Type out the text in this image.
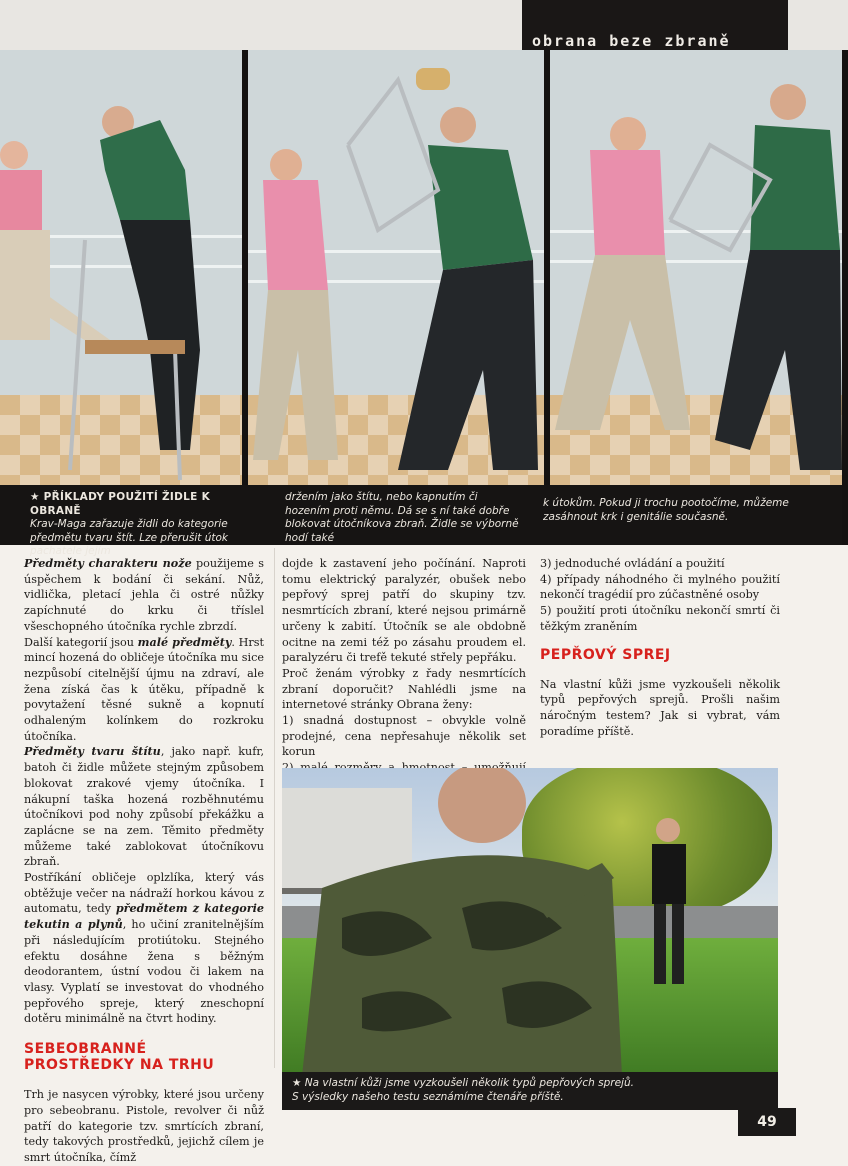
obrana beze zbraně
★ PŘÍKLADY POUŽITÍ ŽIDLE K OBRANĚ
Krav-Maga zařazuje židli do kategorie předmětu tvaru štít. Lze přerušit útok pachatele jejím
držením jako štítu, nebo kapnutím či hozením proti němu. Dá se s ní také dobře blokovat útočníkova zbraň. Židle se výborně hodí také
k útokům. Pokud ji trochu pootočíme, můžeme zasáhnout krk i genitálie současně.

Předměty charakteru nože použijeme s úspěchem k bodání či sekání. Nůž, vidlička, pletací jehla či ostré nůžky zapíchnuté do krku či tříslel všeschopného útočníka rychle zbrzdí.

Další kategorií jsou malé předměty. Hrst mincí hozená do obličeje útočníka mu sice nezpůsobí citelnější újmu na zdraví, ale žena získá čas k útěku, případně k povytažení těsné sukně a kopnutí odhaleným kolínkem do rozkroku útočníka.

Předměty tvaru štítu, jako např. kufr, batoh či židle můžete stejným způsobem blokovat zrakové vjemy útočníka. I nákupní taška hozená rozběhnutému útočníkovi pod nohy způsobí překážku a zaplácne se na zem. Těmito předměty můžeme také zablokovat útočníkovu zbraň.

Postříkání obličeje oplzlíka, který vás obtěžuje večer na nádraží horkou kávou z automatu, tedy předmětem z kategorie tekutin a plynů, ho učiní zranitelnějším při následujícím protiútoku. Stejného efektu dosáhne žena s běžným deodorantem, ústní vodou či lakem na vlasy. Vyplatí se investovat do vhodného pepřového spreje, který zneschopní dotěru minimálně na čtvrt hodiny.

SEBEOBRANNÉ PROSTŘEDKY NA TRHU

Trh je nasycen výrobky, které jsou určeny pro sebeobranu. Pistole, revolver či nůž patří do kategorie tzv. smrtících zbraní, tedy takových prostředků, jejichž cílem je smrt útočníka, čímž

dojde k zastavení jeho počínání. Naproti tomu elektrický paralyzér, obušek nebo pepřový sprej patří do skupiny tzv. nesmrtících zbraní, které nejsou primárně určeny k zabití. Útočník se ale obdobně ocitne na zemi též po zásahu proudem el. paralyzéru či trefě tekuté střely pepřáku.

Proč ženám výrobky z řady nesmrtících zbraní doporučit? Nahlédli jsme na internetové stránky Obrana ženy:

1) snadná dostupnost – obvykle volně prodejné, cena nepřesahuje několik set korun

3) jednoduché ovládání a použití

4) případy náhodného či mylného použití nekončí tragédií pro zúčastněné osoby

5) použití proti útočníku nekončí smrtí či těžkým zraněním

PEPŘOVÝ SPREJ

Na vlastní kůži jsme vyzkoušeli několik typů pepřových sprejů. Prošli našim náročným testem? Jak si vybrat, vám poradíme příště.

★ Na vlastní kůži jsme vyzkoušeli několik typů pepřových sprejů.
S výsledky našeho testu seznámíme čtenáře příště.
49
